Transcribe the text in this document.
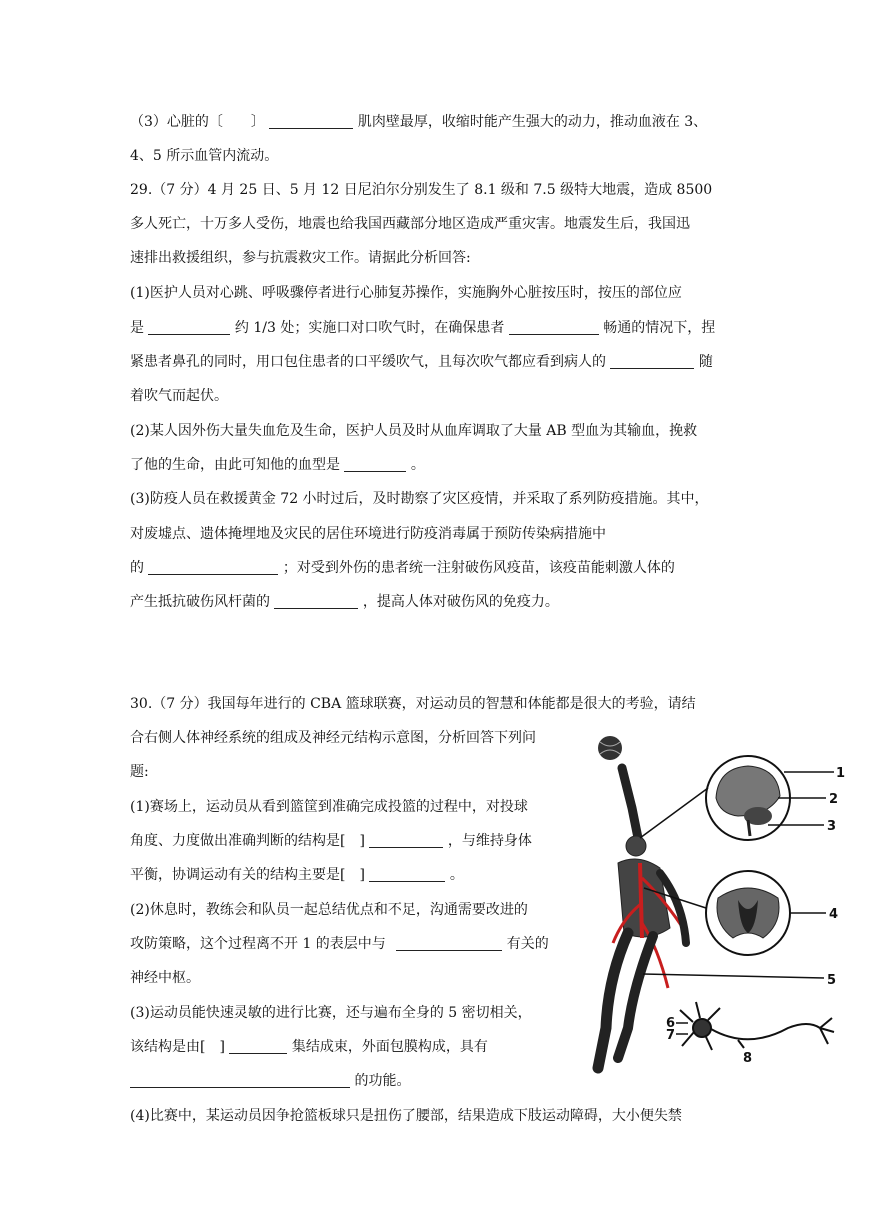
（3）心脏的〔　　〕	肌肉壁最厚，收缩时能产生强大的动力，推动血液在 3、
4、5 所示血管内流动。
29.（7 分）4 月 25 日、5 月 12 日尼泊尔分别发生了 8.1 级和 7.5 级特大地震，造成 8500
多人死亡，十万多人受伤，地震也给我国西藏部分地区造成严重灾害。地震发生后，我国迅
速排出救援组织，参与抗震救灾工作。请据此分析回答:
(1)医护人员对心跳、呼吸骤停者进行心肺复苏操作，实施胸外心脏按压时，按压的部位应
是	约 1/3 处；实施口对口吹气时，在确保患者	畅通的情况下，捏
紧患者鼻孔的同时，用口包住患者的口平缓吹气，且每次吹气都应看到病人的	随
着吹气而起伏。
(2)某人因外伤大量失血危及生命，医护人员及时从血库调取了大量 AB 型血为其输血，挽救
了他的生命，由此可知他的血型是	。
(3)防疫人员在救援黄金 72 小时过后，及时勘察了灾区疫情，并采取了系列防疫措施。其中，
对废墟点、遗体掩埋地及灾民的居住环境进行防疫消毒属于预防传染病措施中
的	；对受到外伤的患者统一注射破伤风疫苗，该疫苗能刺激人体的
产生抵抗破伤风杆菌的	，提高人体对破伤风的免疫力。
30.（7 分）我国每年进行的 CBA 篮球联赛，对运动员的智慧和体能都是很大的考验，请结
合右侧人体神经系统的组成及神经元结构示意图，分析回答下列问
题:
(1)赛场上，运动员从看到篮筐到准确完成投篮的过程中，对投球
角度、力度做出准确判断的结构是[　]	，与维持身体
平衡，协调运动有关的结构主要是[　]	。
(2)休息时，教练会和队员一起总结优点和不足，沟通需要改进的
攻防策略，这个过程离不开 1 的表层中与	有关的
神经中枢。
(3)运动员能快速灵敏的进行比赛，还与遍布全身的 5 密切相关，
该结构是由[　]	集结成束，外面包膜构成，具有
的功能。
(4)比赛中，某运动员因争抢篮板球只是扭伤了腰部，结果造成下肢运动障碍，大小便失禁
1
2
3
4
5
6
7
8
